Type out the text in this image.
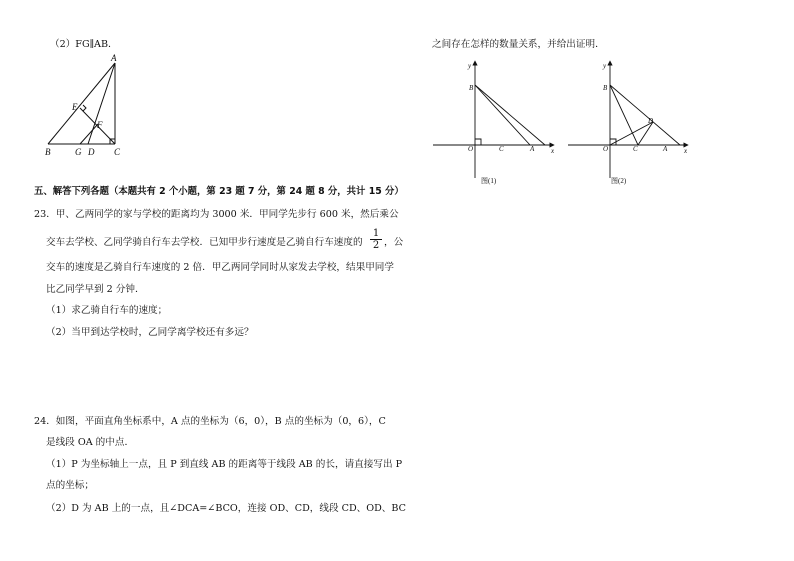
（2）FG∥AB．
A
E
F
B	G D C
五、解答下列各题（本题共有 2 个小题，第 23 题 7 分，第 24 题 8 分，共计 15 分）
23．甲、乙两同学的家与学校的距离均为 3000 米．甲同学先步行 600 米，然后乘公
交车去学校、乙同学骑自行车去学校．已知甲步行速度是乙骑自行车速度的 $\frac{1}{2}$ ，公
交车的速度是乙骑自行车速度的 2 倍．甲乙两同学同时从家发去学校，结果甲同学
比乙同学早到 2 分钟．
（1）求乙骑自行车的速度；
（2）当甲到达学校时，乙同学离学校还有多远？
24．如图，平面直角坐标系中，A 点的坐标为（6，0），B 点的坐标为（0，6），C
是线段 OA 的中点．
（1）P 为坐标轴上一点，且 P 到直线 AB 的距离等于线段 AB 的长，请直接写出 P
点的坐标；
（2）D 为 AB 上的一点，且∠DCA=∠BCO，连接 OD、CD，线段 CD、OD、BC
之间存在怎样的数量关系，并给出证明．
y
x
O
B
C	A
图(1)
y
x
O
B
C	A
D
图(2)
